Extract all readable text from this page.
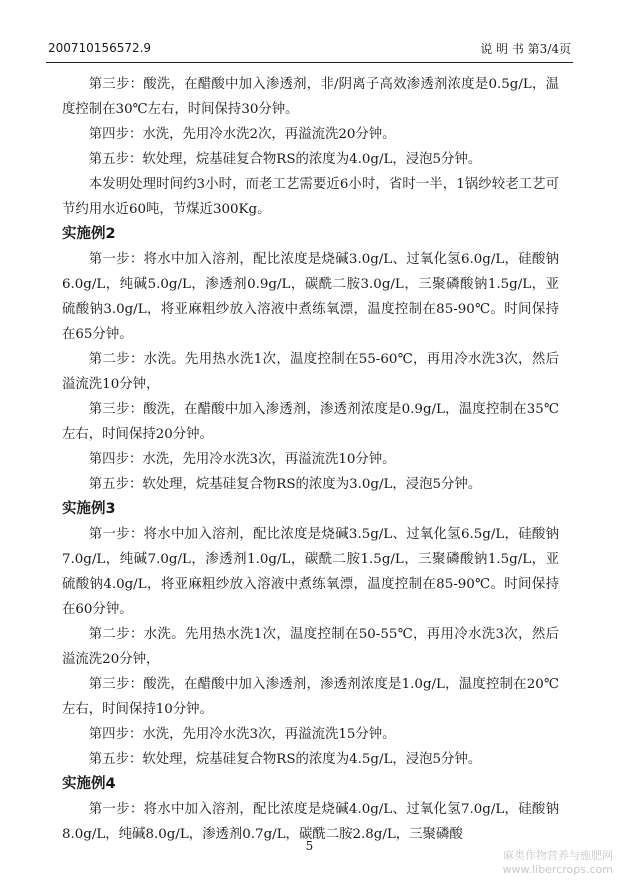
200710156572.9	说 明 书 第3/4页

第三步：酸洗，在醋酸中加入渗透剂，非/阴离子高效渗透剂浓度是0.5g/L，温度控制在30℃左右，时间保持30分钟。

第四步：水洗，先用冷水洗2次，再溢流洗20分钟。

第五步：软处理，烷基硅复合物RS的浓度为4.0g/L，浸泡5分钟。

本发明处理时间约3小时，而老工艺需要近6小时，省时一半，1锅纱较老工艺可节约用水近60吨，节煤近300Kg。

实施例2

第一步：将水中加入溶剂，配比浓度是烧碱3.0g/L、过氧化氢6.0g/L，硅酸钠6.0g/L，纯碱5.0g/L，渗透剂0.9g/L，碳酰二胺3.0g/L，三聚磷酸钠1.5g/L，亚硫酸钠3.0g/L，将亚麻粗纱放入溶液中煮练氧漂，温度控制在85-90℃。时间保持在65分钟。

第二步：水洗。先用热水洗1次，温度控制在55-60℃，再用冷水洗3次，然后溢流洗10分钟，

第三步：酸洗，在醋酸中加入渗透剂，渗透剂浓度是0.9g/L，温度控制在35℃左右，时间保持20分钟。

第四步：水洗，先用冷水洗3次，再溢流洗10分钟。

第五步：软处理，烷基硅复合物RS的浓度为3.0g/L，浸泡5分钟。

实施例3

第一步：将水中加入溶剂，配比浓度是烧碱3.5g/L、过氧化氢6.5g/L，硅酸钠7.0g/L，纯碱7.0g/L，渗透剂1.0g/L，碳酰二胺1.5g/L，三聚磷酸钠1.5g/L，亚硫酸钠4.0g/L，将亚麻粗纱放入溶液中煮练氧漂，温度控制在85-90℃。时间保持在60分钟。

第二步：水洗。先用热水洗1次，温度控制在50-55℃，再用冷水洗3次，然后溢流洗20分钟，

第三步：酸洗，在醋酸中加入渗透剂，渗透剂浓度是1.0g/L，温度控制在20℃左右，时间保持10分钟。

第四步：水洗，先用冷水洗3次，再溢流洗15分钟。

第五步：软处理，烷基硅复合物RS的浓度为4.5g/L，浸泡5分钟。

实施例4

第一步：将水中加入溶剂，配比浓度是烧碱4.0g/L、过氧化氢7.0g/L，硅酸钠8.0g/L，纯碱8.0g/L，渗透剂0.7g/L，碳酰二胺2.8g/L，三聚磷酸

5
麻类作物营养与施肥网
www.libercrops.com
